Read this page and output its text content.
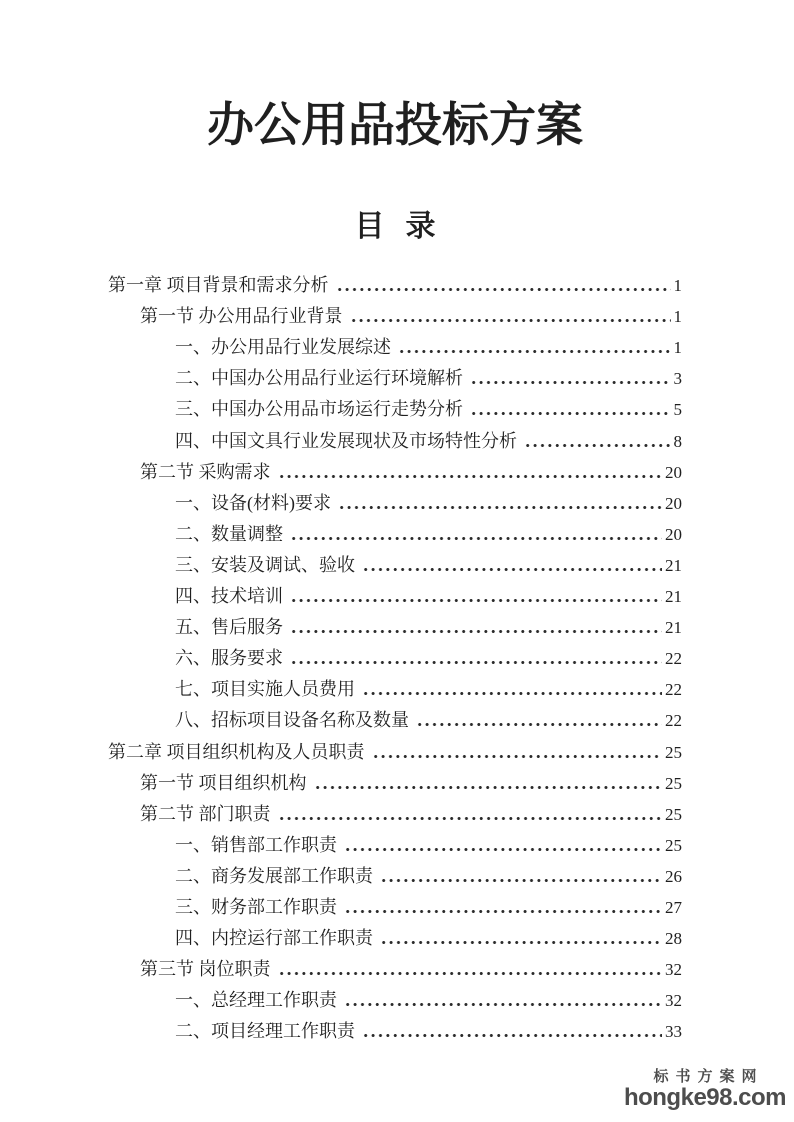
办公用品投标方案
目 录
第一章 项目背景和需求分析	1
第一节 办公用品行业背景	1
一、办公用品行业发展综述	1
二、中国办公用品行业运行环境解析	3
三、中国办公用品市场运行走势分析	5
四、中国文具行业发展现状及市场特性分析	8
第二节 采购需求	20
一、设备(材料)要求	20
二、数量调整	20
三、安装及调试、验收	21
四、技术培训	21
五、售后服务	21
六、服务要求	22
七、项目实施人员费用	22
八、招标项目设备名称及数量	22
第二章 项目组织机构及人员职责	25
第一节 项目组织机构	25
第二节 部门职责	25
一、销售部工作职责	25
二、商务发展部工作职责	26
三、财务部工作职责	27
四、内控运行部工作职责	28
第三节 岗位职责	32
一、总经理工作职责	32
二、项目经理工作职责	33
标书方案网
hongke98.com
